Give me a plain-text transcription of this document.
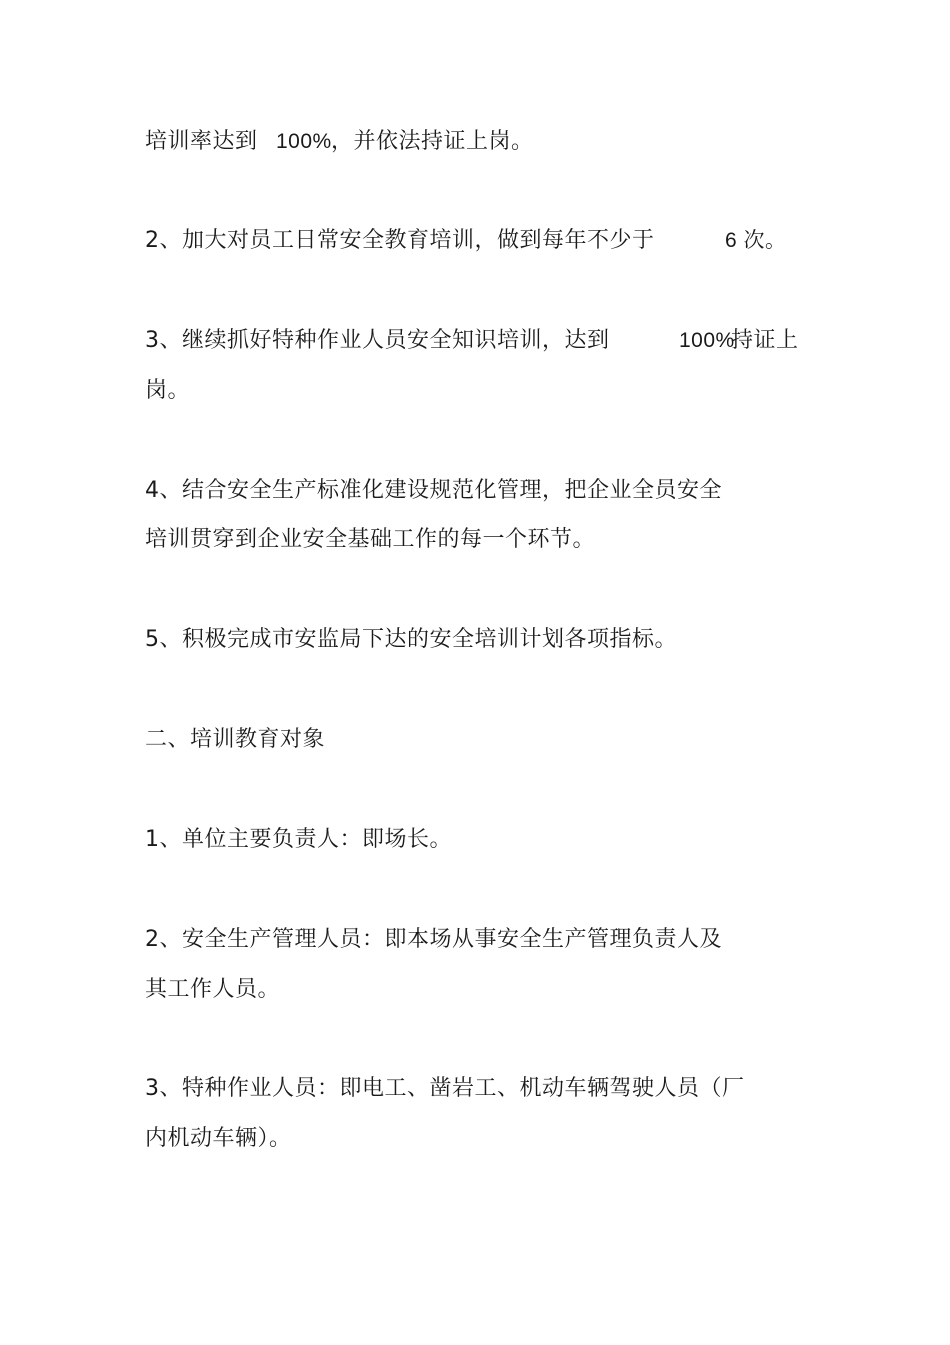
培训率达到 100% ，并依法持证上岗。
2、加大对员工日常安全教育培训，做到每年不少于	6 次。
3、继续抓好特种作业人员安全知识培训，达到	100%
持证上
岗。
4、结合安全生产标准化建设规范化管理，把企业全员安全
培训贯穿到企业安全基础工作的每一个环节。
5、积极完成市安监局下达的安全培训计划各项指标。
二、培训教育对象
1、单位主要负责人：即场长。
2、安全生产管理人员：即本场从事安全生产管理负责人及
其工作人员。
3、特种作业人员：即电工、凿岩工、机动车辆驾驶人员（厂
内机动车辆）。
